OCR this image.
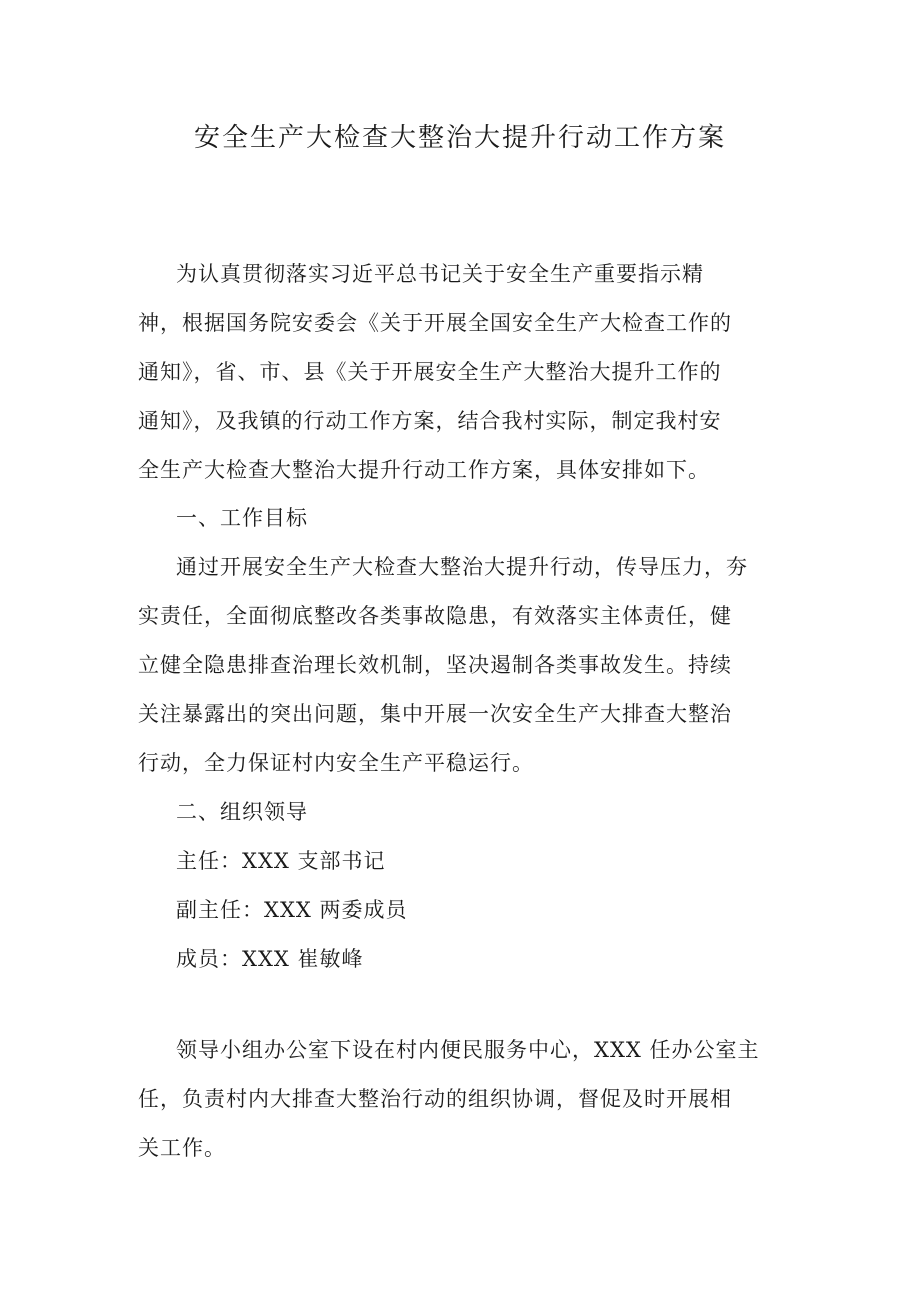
安全生产大检查大整治大提升行动工作方案
为认真贯彻落实习近平总书记关于安全生产重要指示精
神，根据国务院安委会《关于开展全国安全生产大检查工作的
通知》，省、市、县《关于开展安全生产大整治大提升工作的
通知》，及我镇的行动工作方案，结合我村实际，制定我村安
全生产大检查大整治大提升行动工作方案，具体安排如下。
一、工作目标
通过开展安全生产大检查大整治大提升行动，传导压力，夯
实责任，全面彻底整改各类事故隐患，有效落实主体责任，健
立健全隐患排查治理长效机制，坚决遏制各类事故发生。持续
关注暴露出的突出问题，集中开展一次安全生产大排查大整治
行动，全力保证村内安全生产平稳运行。
二、组织领导
主任：XXX 支部书记
副主任：XXX 两委成员
成员：XXX 崔敏峰
领导小组办公室下设在村内便民服务中心，XXX 任办公室主
任，负责村内大排查大整治行动的组织协调，督促及时开展相
关工作。
